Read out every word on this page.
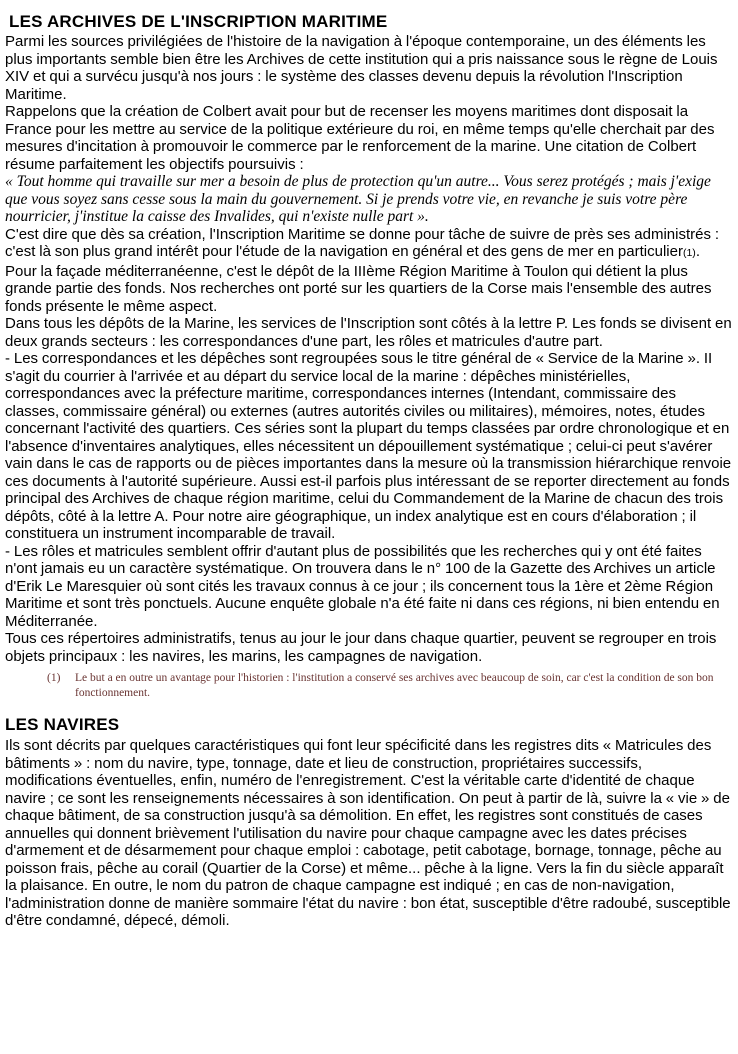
LES ARCHIVES DE L'INSCRIPTION MARITIME

Parmi les sources privilégiées de l'histoire de la navigation à l'époque contemporaine, un des éléments les plus importants semble bien être les Archives de cette institution qui a pris naissance sous le règne de Louis XIV et qui a survécu jusqu'à nos jours : le système des classes devenu depuis la révolution l'Inscription Maritime.

Rappelons que la création de Colbert avait pour but de recenser les moyens maritimes dont disposait la France pour les mettre au service de la politique extérieure du roi, en même temps qu'elle cherchait par des mesures d'incitation à promouvoir le commerce par le renforcement de la marine. Une citation de Colbert résume parfaitement les objectifs poursuivis :

« Tout homme qui travaille sur mer a besoin de plus de protection qu'un autre... Vous serez protégés ; mais j'exige que vous soyez sans cesse sous la main du gouvernement. Si je prends votre vie, en revanche je suis votre père nourricier, j'institue la caisse des Invalides, qui n'existe nulle part ».

C'est dire que dès sa création, l'Inscription Maritime se donne pour tâche de suivre de près ses administrés : c'est là son plus grand intérêt pour l'étude de la navigation en général et des gens de mer en particulier(1).

Pour la façade méditerranéenne, c'est le dépôt de la IIIème Région Maritime à Toulon qui détient la plus grande partie des fonds. Nos recherches ont porté sur les quartiers de la Corse mais l'ensemble des autres fonds présente le même aspect.

Dans tous les dépôts de la Marine, les services de l'Inscription sont côtés à la lettre P. Les fonds se divisent en deux grands secteurs : les correspondances d'une part, les rôles et matricules d'autre part.

- Les correspondances et les dépêches sont regroupées sous le titre général de « Service de la Marine ». II s'agit du courrier à l'arrivée et au départ du service local de la marine : dépêches ministérielles, correspondances avec la préfecture maritime, correspondances internes (Intendant, commissaire des classes, commissaire général) ou externes (autres autorités civiles ou militaires), mémoires, notes, études concernant l'activité des quartiers. Ces séries sont la plupart du temps classées par ordre chronologique et en l'absence d'inventaires analytiques, elles nécessitent un dépouillement systématique ; celui-ci peut s'avérer vain dans le cas de rapports ou de pièces importantes dans la mesure où la transmission hiérarchique renvoie ces documents à l'autorité supérieure. Aussi est-il parfois plus intéressant de se reporter directement au fonds principal des Archives de chaque région maritime, celui du Commandement de la Marine de chacun des trois dépôts, côté à la lettre A. Pour notre aire géographique, un index analytique est en cours d'élaboration ; il constituera un instrument incomparable de travail.

- Les rôles et matricules semblent offrir d'autant plus de possibilités que les recherches qui y ont été faites n'ont jamais eu un caractère systématique. On trouvera dans le n° 100 de la Gazette des Archives un article d'Erik Le Maresquier où sont cités les travaux connus à ce jour ; ils concernent tous la 1ère et 2ème Région Maritime et sont très ponctuels. Aucune enquête globale n'a été faite ni dans ces régions, ni bien entendu en Méditerranée.

Tous ces répertoires administratifs, tenus au jour le jour dans chaque quartier, peuvent se regrouper en trois objets principaux : les navires, les marins, les campagnes de navigation.

(1) Le but a en outre un avantage pour l'historien : l'institution a conservé ses archives avec beaucoup de soin, car c'est la condition de son bon fonctionnement.
LES NAVIRES

Ils sont décrits par quelques caractéristiques qui font leur spécificité dans les registres dits « Matricules des bâtiments » : nom du navire, type, tonnage, date et lieu de construction, propriétaires successifs, modifications éventuelles, enfin, numéro de l'enregistrement. C'est la véritable carte d'identité de chaque navire ; ce sont les renseignements nécessaires à son identification. On peut à partir de là, suivre la « vie » de chaque bâtiment, de sa construction jusqu'à sa démolition. En effet, les registres sont constitués de cases annuelles qui donnent brièvement l'utilisation du navire pour chaque campagne avec les dates précises d'armement et de désarmement pour chaque emploi : cabotage, petit cabotage, bornage, tonnage, pêche au poisson frais, pêche au corail (Quartier de la Corse) et même... pêche à la ligne. Vers la fin du siècle apparaît la plaisance. En outre, le nom du patron de chaque campagne est indiqué ; en cas de non-navigation, l'administration donne de manière sommaire l'état du navire : bon état, susceptible d'être radoubé, susceptible d'être condamné, dépecé, démoli.
